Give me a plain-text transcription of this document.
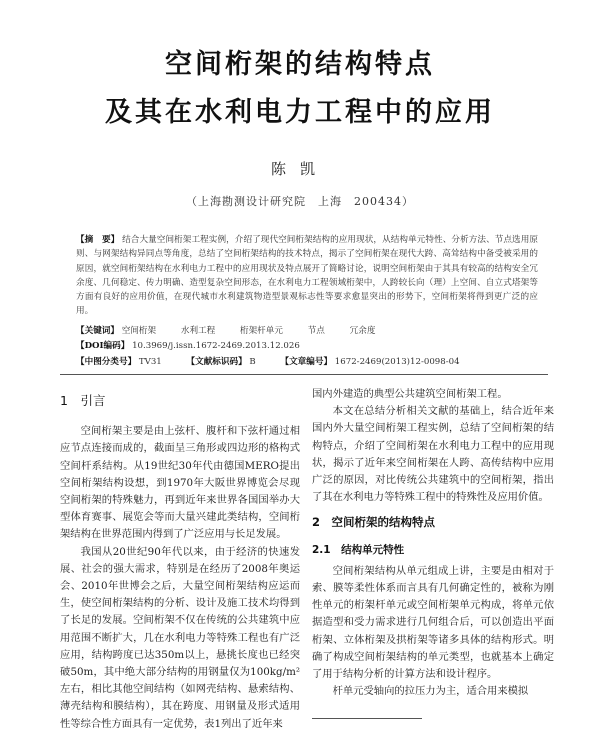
空间桁架的结构特点
及其在水利电力工程中的应用
陈凯
（上海勘测设计研究院　上海　200434）
【摘　要】 结合大量空间桁架工程实例，介绍了现代空间桁架结构的应用现状，从结构单元特性、分析方法、节点选用原则、与网架结构异同点等角度，总结了空间桁架结构的技术特点，揭示了空间桁架在现代大跨、高耸结构中备受被采用的原因，就空间桁架结构在水利电力工程中的应用现状及特点展开了简略讨论，说明空间桁架由于其具有较高的结构安全冗余度、几何稳定、传力明确、造型复杂空间形态，在水利电力工程领域桁架中，人跨较长向（理）上空间、自立式塔架等方面有良好的应用价值，在现代城市水利建筑物造型景观标志性等要求愈显突出的形势下，空间桁架将得到更广泛的应用。
【关键词】 空间桁架	水利工程	桁架杆单元	节点	冗余度
【DOI编码】 10.3969/j.issn.1672-2469.2013.12.026
【中图分类号】 TV31	【文献标识码】 B	【文章编号】 1672-2469(2013)12-0098-04
1　引言

空间桁架主要是由上弦杆、腹杆和下弦杆通过相应节点连接而成的，截面呈三角形或四边形的格构式空间杆系结构。从19世纪30年代由德国MERO提出空间桁架结构设想，到1970年大阪世界博览会尽现空间桁架的特殊魅力，再到近年来世界各国国举办大型体育赛事、展览会等而大量兴建此类结构，空间桁架结构在世界范围内得到了广泛应用与长足发展。

我国从20世纪90年代以来，由于经济的快速发展、社会的强大需求，特别是在经历了2008年奥运会、2010年世博会之后，大量空间桁架结构应运而生，使空间桁架结构的分析、设计及施工技术均得到了长足的发展。空间桁架不仅在传统的公共建筑中应用范围不断扩大，几在水利电力等特殊工程也有广泛应用，结构跨度已达350m以上，悬挑长度也已经突破50m，其中绝大部分结构的用钢量仅为100kg/m²左右，相比其他空间结构（如网壳结构、悬索结构、薄壳结构和膜结构），其在跨度、用钢量及形式适用性等综合性方面具有一定优势，表1列出了近年来

国内外建造的典型公共建筑空间桁架工程。

本文在总结分析相关文献的基础上，结合近年来国内外大量空间桁架工程实例，总结了空间桁架的结构特点，介绍了空间桁架在水利电力工程中的应用现状，揭示了近年来空间桁架在人跨、高传结构中应用广泛的原因，对比传统公共建筑中的空间桁架，指出了其在水利电力等特殊工程中的特殊性及应用价值。

2　空间桁架的结构特点
2.1　结构单元特性

空间桁架结构从单元组成上讲，主要是由相对于索、膜等柔性体系而言具有几何确定性的，被称为刚性单元的桁架杆单元或空间桁架单元构成，将单元依据造型和受力需求进行几何组合后，可以创造出平面桁架、立体桁架及拱桁架等诸多具体的结构形式。明确了构成空间桁架结构的单元类型，也就基本上确定了用于结构分析的计算方法和设计程序。

杆单元受轴向的拉压力为主，适合用来模拟
